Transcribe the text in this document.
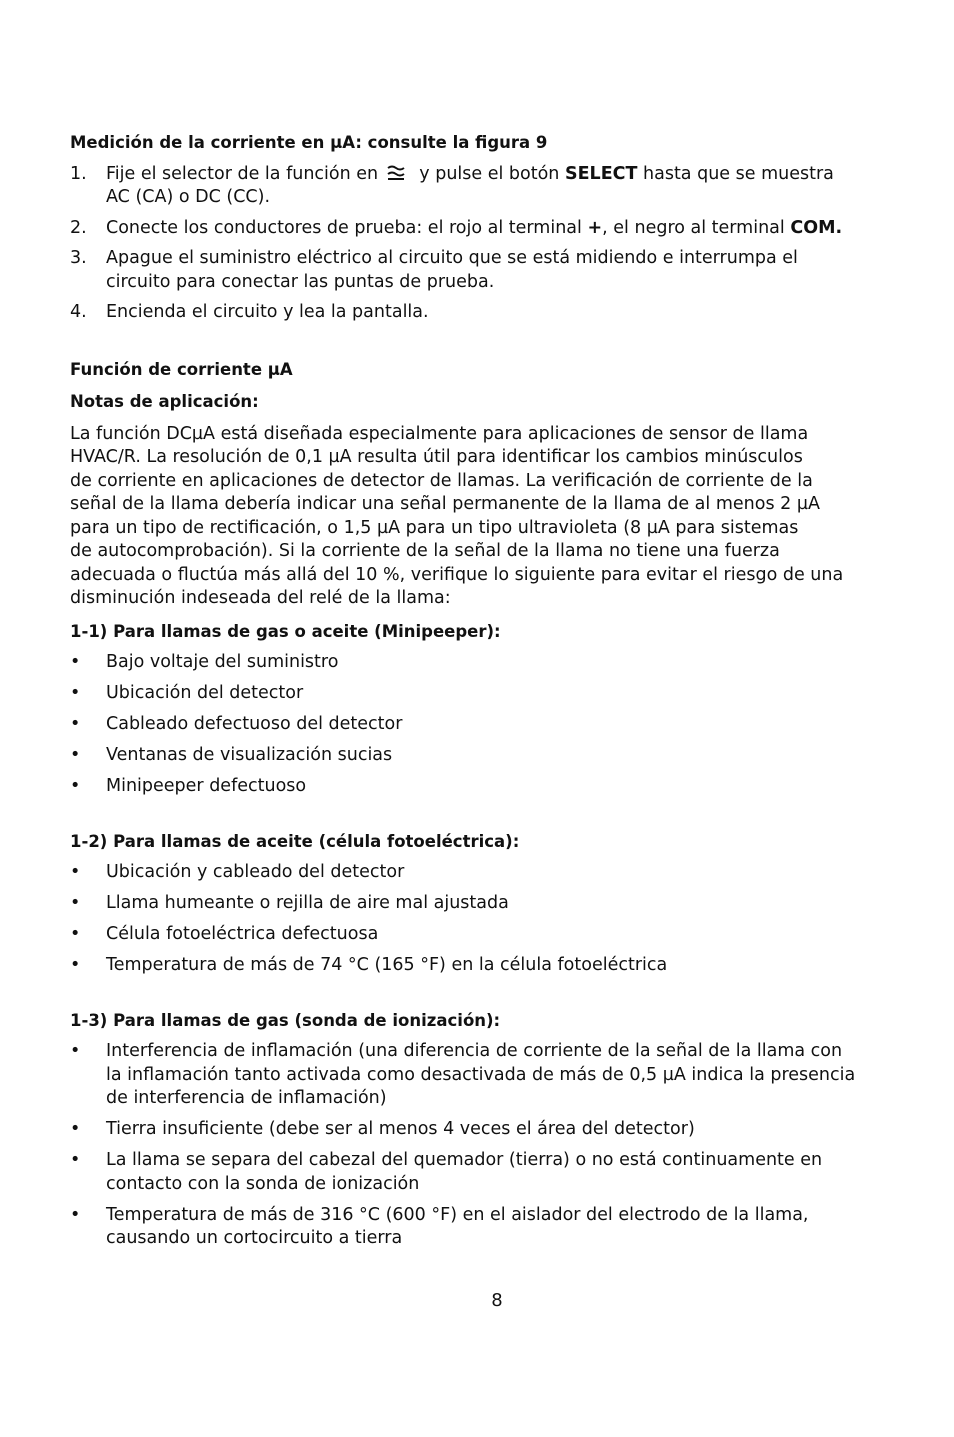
Medición de la corriente en µA: consulte la figura 9
1.	Fije el selector de la función en y pulse el botón SELECT hasta que se muestra
AC (CA) o DC (CC).
2.	Conecte los conductores de prueba: el rojo al terminal +, el negro al terminal COM.
3.	Apague el suministro eléctrico al circuito que se está midiendo e interrumpa el
circuito para conectar las puntas de prueba.
4.	Encienda el circuito y lea la pantalla.
Función de corriente µA
Notas de aplicación:
La función DCµA está diseñada especialmente para aplicaciones de sensor de llama
HVAC/R. La resolución de 0,1 µA resulta útil para identificar los cambios minúsculos
de corriente en aplicaciones de detector de llamas. La verificación de corriente de la
señal de la llama debería indicar una señal permanente de la llama de al menos 2 µA
para un tipo de rectificación, o 1,5 µA para un tipo ultravioleta (8 µA para sistemas
de autocomprobación). Si la corriente de la señal de la llama no tiene una fuerza
adecuada o fluctúa más allá del 10 %, verifique lo siguiente para evitar el riesgo de una
disminución indeseada del relé de la llama:
1-1) Para llamas de gas o aceite (Minipeeper):
•	Bajo voltaje del suministro
•	Ubicación del detector
•	Cableado defectuoso del detector
•	Ventanas de visualización sucias
•	Minipeeper defectuoso
1-2) Para llamas de aceite (célula fotoeléctrica):
•	Ubicación y cableado del detector
•	Llama humeante o rejilla de aire mal ajustada
•	Célula fotoeléctrica defectuosa
•	Temperatura de más de 74 °C (165 °F) en la célula fotoeléctrica
1-3) Para llamas de gas (sonda de ionización):
•	Interferencia de inflamación (una diferencia de corriente de la señal de la llama con
la inflamación tanto activada como desactivada de más de 0,5 µA indica la presencia
de interferencia de inflamación)
•	Tierra insuficiente (debe ser al menos 4 veces el área del detector)
•	La llama se separa del cabezal del quemador (tierra) o no está continuamente en
contacto con la sonda de ionización
•	Temperatura de más de 316 °C (600 °F) en el aislador del electrodo de la llama,
causando un cortocircuito a tierra
8
